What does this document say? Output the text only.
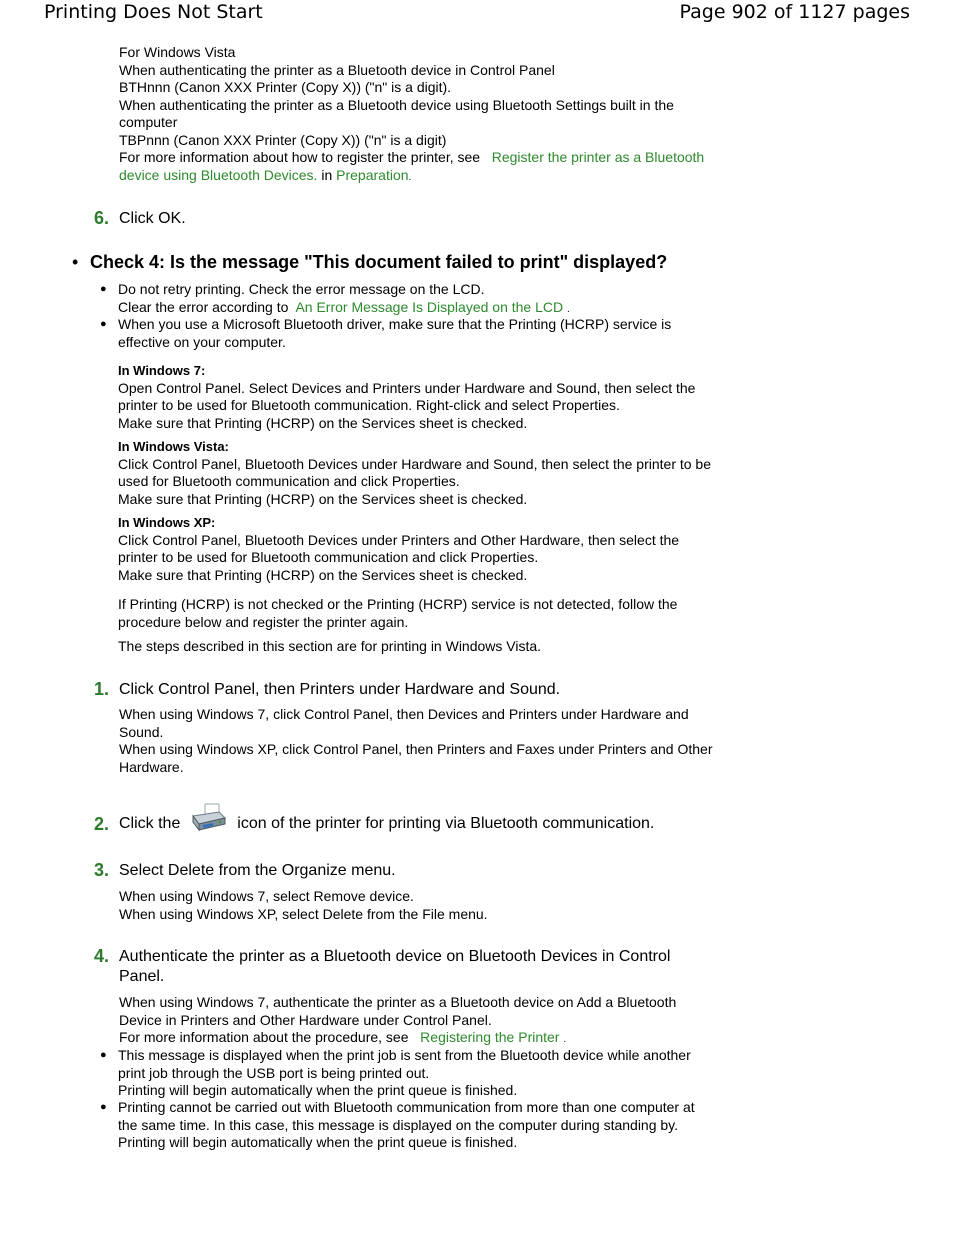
Printing Does Not Start	Page 902 of 1127 pages
For Windows Vista
When authenticating the printer as a Bluetooth device in Control Panel
BTHnnn (Canon XXX Printer (Copy X)) ("n" is a digit).
When authenticating the printer as a Bluetooth device using Bluetooth Settings built in the
computer
TBPnnn (Canon XXX Printer (Copy X)) ("n" is a digit)
For more information about how to register the printer, see Register the printer as a Bluetooth
device using Bluetooth Devices. in Preparation.
6. Click OK.
• Check 4: Is the message "This document failed to print" displayed?
● Do not retry printing. Check the error message on the LCD.
Clear the error according to An Error Message Is Displayed on the LCD .
● When you use a Microsoft Bluetooth driver, make sure that the Printing (HCRP) service is
effective on your computer.
In Windows 7:
Open Control Panel. Select Devices and Printers under Hardware and Sound, then select the
printer to be used for Bluetooth communication. Right-click and select Properties.
Make sure that Printing (HCRP) on the Services sheet is checked.
In Windows Vista:
Click Control Panel, Bluetooth Devices under Hardware and Sound, then select the printer to be
used for Bluetooth communication and click Properties.
Make sure that Printing (HCRP) on the Services sheet is checked.
In Windows XP:
Click Control Panel, Bluetooth Devices under Printers and Other Hardware, then select the
printer to be used for Bluetooth communication and click Properties.
Make sure that Printing (HCRP) on the Services sheet is checked.
If Printing (HCRP) is not checked or the Printing (HCRP) service is not detected, follow the
procedure below and register the printer again.
The steps described in this section are for printing in Windows Vista.
1. Click Control Panel, then Printers under Hardware and Sound.
When using Windows 7, click Control Panel, then Devices and Printers under Hardware and
Sound.
When using Windows XP, click Control Panel, then Printers and Faxes under Printers and Other
Hardware.
2. Click the	icon of the printer for printing via Bluetooth communication.
3. Select Delete from the Organize menu.
When using Windows 7, select Remove device.
When using Windows XP, select Delete from the File menu.
4. Authenticate the printer as a Bluetooth device on Bluetooth Devices in Control
Panel.
When using Windows 7, authenticate the printer as a Bluetooth device on Add a Bluetooth
Device in Printers and Other Hardware under Control Panel.
For more information about the procedure, see Registering the Printer .
● This message is displayed when the print job is sent from the Bluetooth device while another
print job through the USB port is being printed out.
Printing will begin automatically when the print queue is finished.
● Printing cannot be carried out with Bluetooth communication from more than one computer at
the same time. In this case, this message is displayed on the computer during standing by.
Printing will begin automatically when the print queue is finished.
